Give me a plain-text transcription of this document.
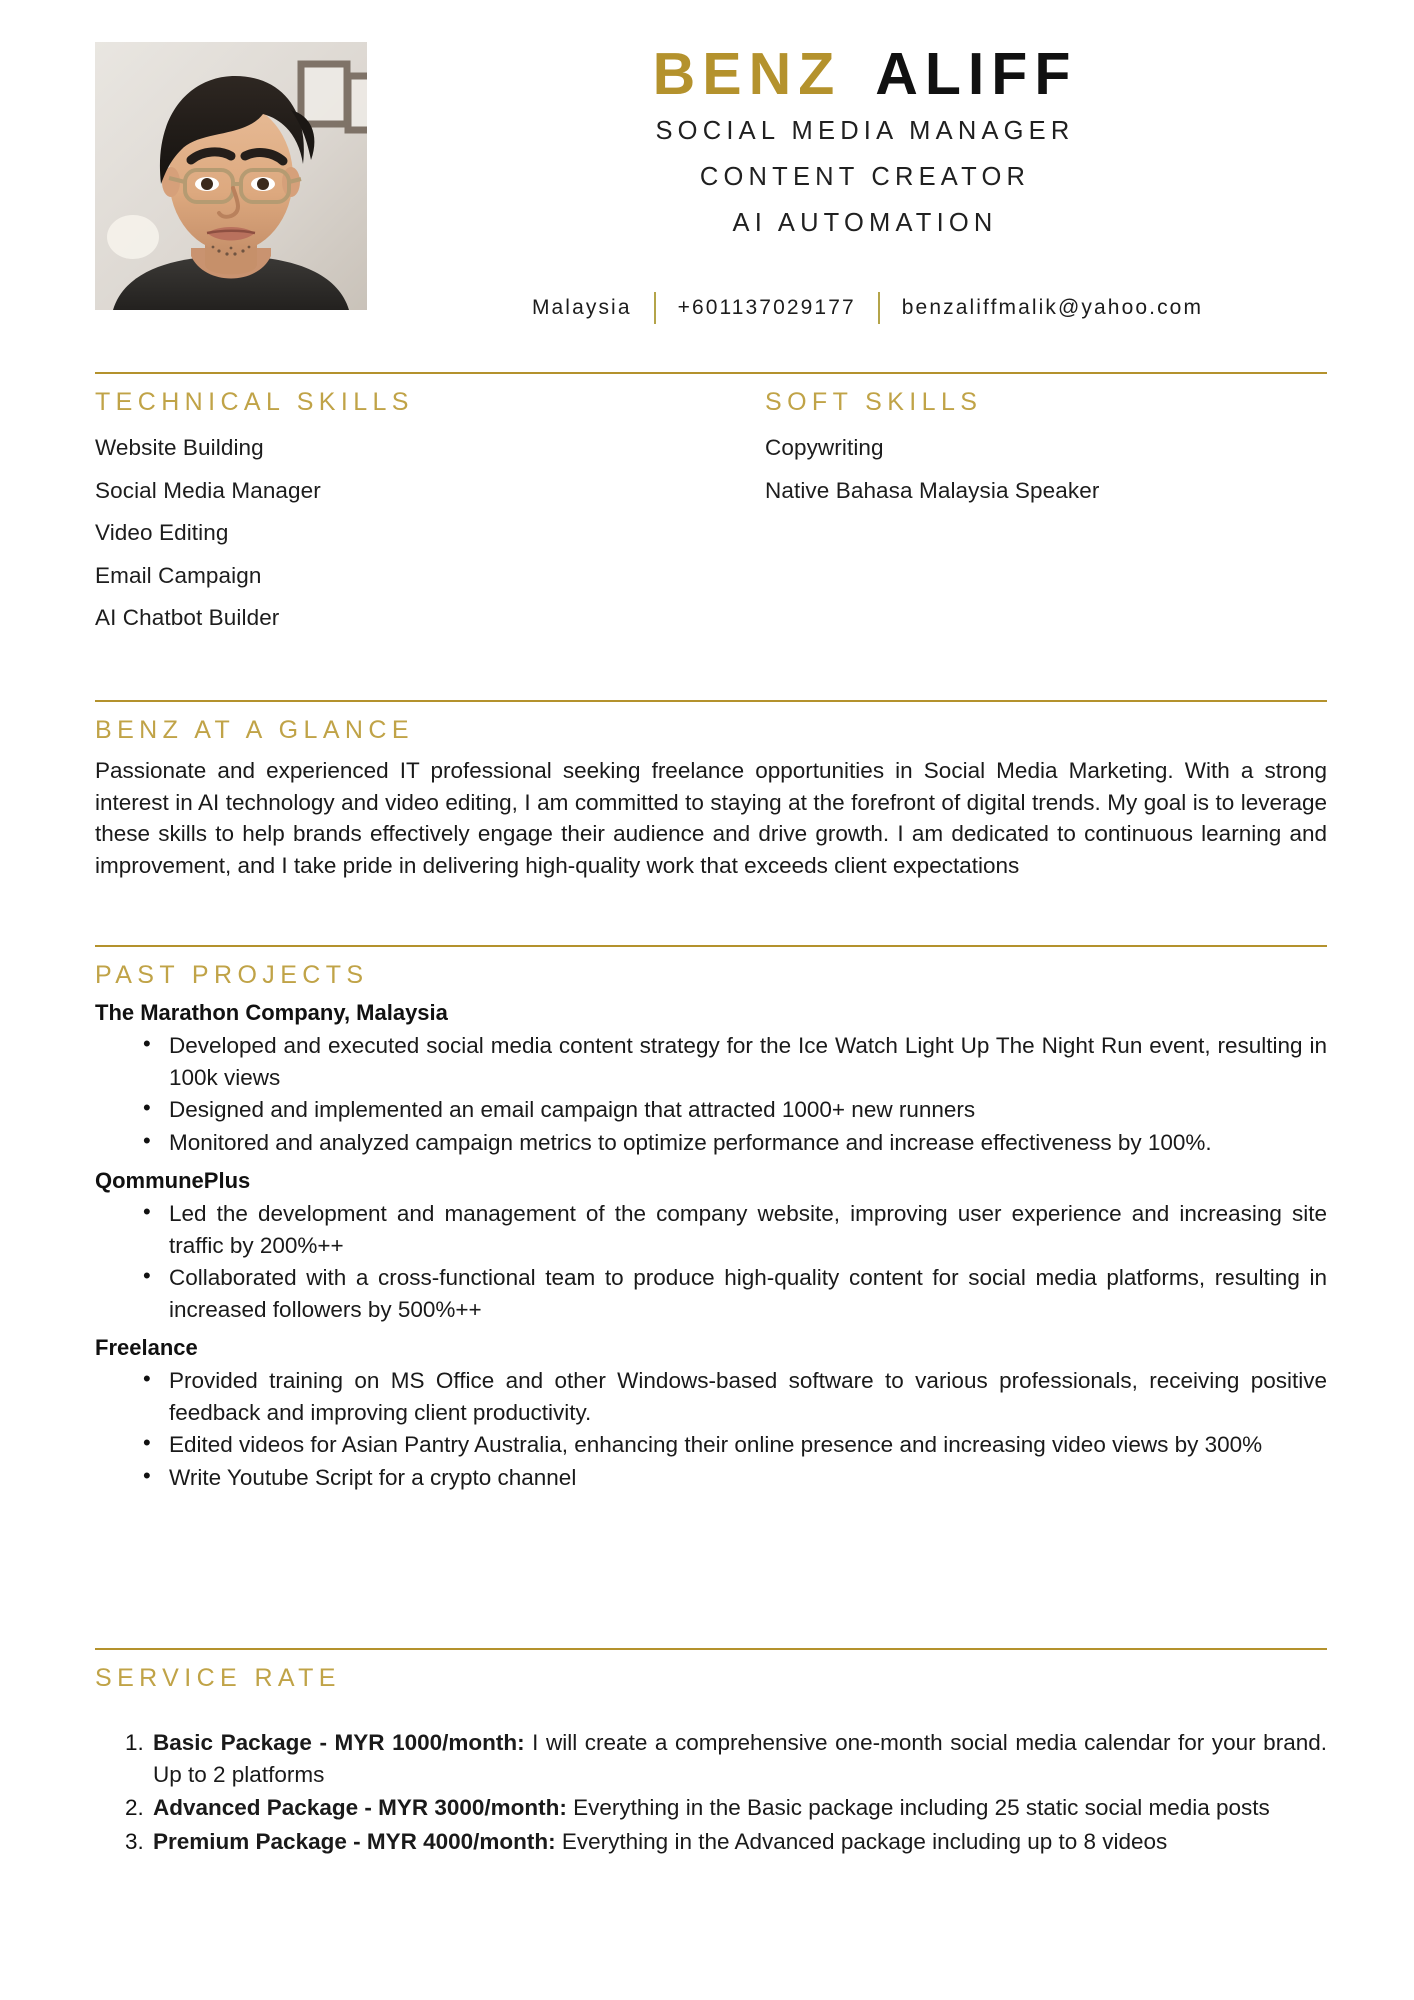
BENZ ALIFF
SOCIAL MEDIA MANAGER
CONTENT CREATOR
AI AUTOMATION
Malaysia	+601137029177	benzaliffmalik@yahoo.com
TECHNICAL SKILLS
Website Building
Social Media Manager
Video Editing
Email Campaign
AI Chatbot Builder
SOFT SKILLS
Copywriting
Native Bahasa Malaysia Speaker
BENZ AT A GLANCE

Passionate and experienced IT professional seeking freelance opportunities in Social Media Marketing. With a strong interest in AI technology and video editing, I am committed to staying at the forefront of digital trends. My goal is to leverage these skills to help brands effectively engage their audience and drive growth. I am dedicated to continuous learning and improvement, and I take pride in delivering high-quality work that exceeds client expectations

PAST PROJECTS
The Marathon Company, Malaysia
• Developed and executed social media content strategy for the Ice Watch Light Up The Night Run event, resulting in 100k views
• Designed and implemented an email campaign that attracted 1000+ new runners
• Monitored and analyzed campaign metrics to optimize performance and increase effectiveness by 100%.
QommunePlus
• Led the development and management of the company website, improving user experience and increasing site traffic by 200%++
• Collaborated with a cross-functional team to produce high-quality content for social media platforms, resulting in increased followers by 500%++
Freelance
• Provided training on MS Office and other Windows-based software to various professionals, receiving positive feedback and improving client productivity.
• Edited videos for Asian Pantry Australia, enhancing their online presence and increasing video views by 300%
• Write Youtube Script for a crypto channel
SERVICE RATE
Basic Package - MYR 1000/month: I will create a comprehensive one-month social media calendar for your brand. Up to 2 platforms
Advanced Package - MYR 3000/month: Everything in the Basic package including 25 static social media posts
Premium Package - MYR 4000/month: Everything in the Advanced package including up to 8 videos
